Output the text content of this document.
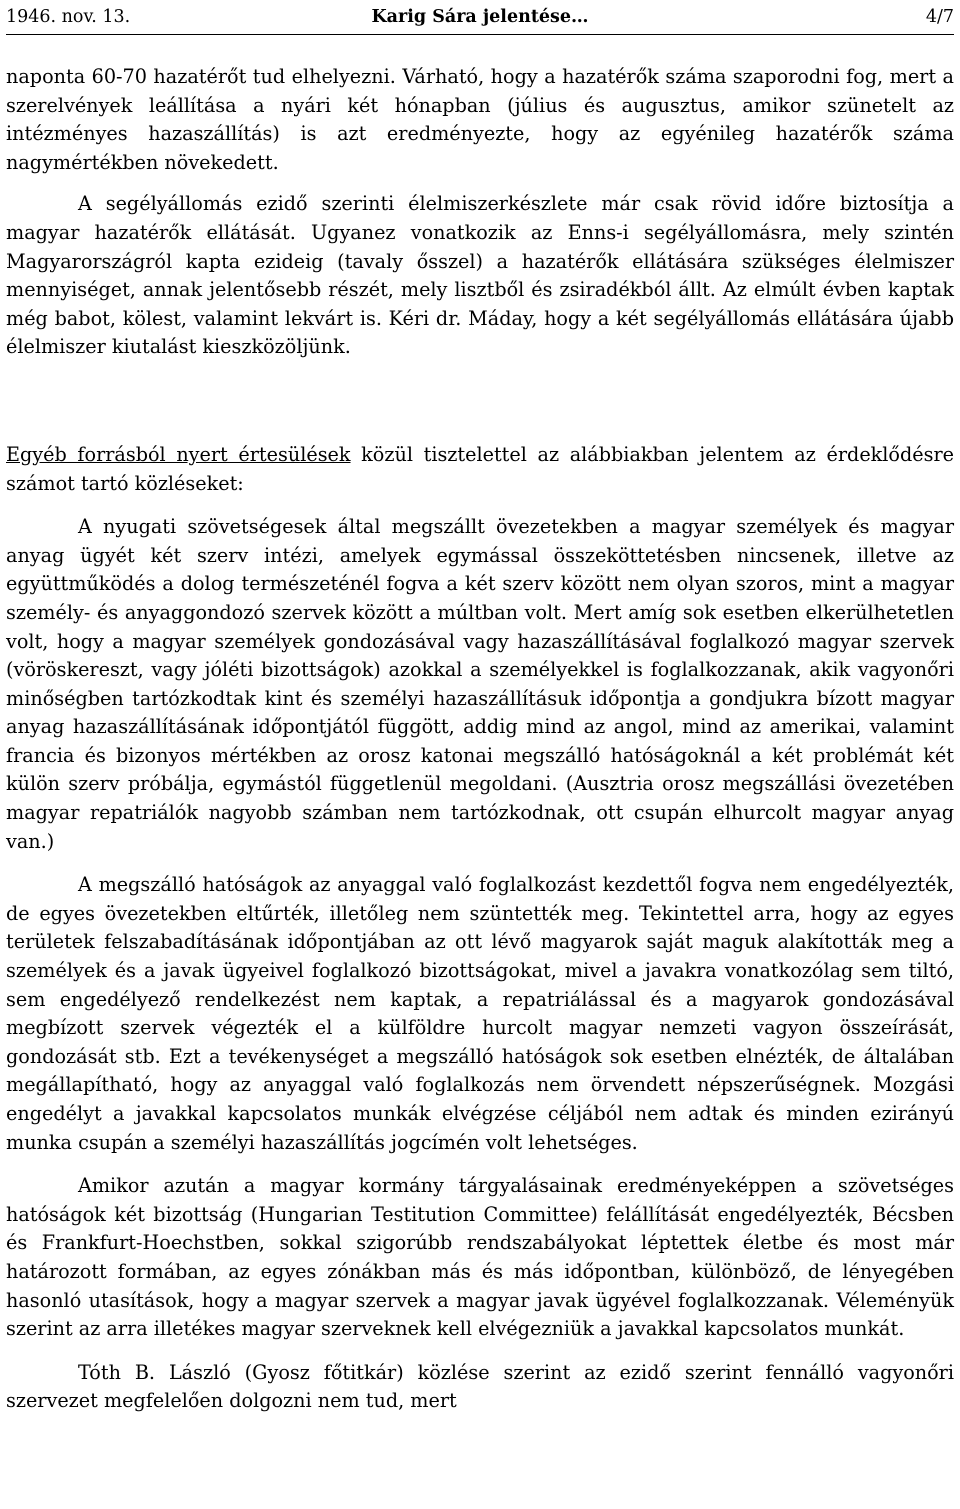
1946. nov. 13.	Karig Sára jelentése…	4/7

naponta 60-70 hazatérőt tud elhelyezni. Várható, hogy a hazatérők száma szaporodni fog, mert a szerelvények leállítása a nyári két hónapban (július és augusztus, amikor szünetelt az intézményes hazaszállítás) is azt eredményezte, hogy az egyénileg hazatérők száma nagymértékben növekedett.

A segélyállomás ezidő szerinti élelmiszerkészlete már csak rövid időre biztosítja a magyar hazatérők ellátását. Ugyanez vonatkozik az Enns-i segélyállomásra, mely szintén Magyarországról kapta ezideig (tavaly ősszel) a hazatérők ellátására szükséges élelmiszer mennyiséget, annak jelentősebb részét, mely lisztből és zsiradékból állt. Az elmúlt évben kaptak még babot, kölest, valamint lekvárt is. Kéri dr. Máday, hogy a két segélyállomás ellátására újabb élelmiszer kiutalást kieszközöljünk.

Egyéb forrásból nyert értesülések közül tisztelettel az alábbiakban jelentem az érdeklődésre számot tartó közléseket:

A nyugati szövetségesek által megszállt övezetekben a magyar személyek és magyar anyag ügyét két szerv intézi, amelyek egymással összeköttetésben nincsenek, illetve az együttműködés a dolog természeténél fogva a két szerv között nem olyan szoros, mint a magyar személy- és anyaggondozó szervek között a múltban volt. Mert amíg sok esetben elkerülhetetlen volt, hogy a magyar személyek gondozásával vagy hazaszállításával foglalkozó magyar szervek (vöröskereszt, vagy jóléti bizottságok) azokkal a személyekkel is foglalkozzanak, akik vagyonőri minőségben tartózkodtak kint és személyi hazaszállításuk időpontja a gondjukra bízott magyar anyag hazaszállításának időpontjától függött, addig mind az angol, mind az amerikai, valamint francia és bizonyos mértékben az orosz katonai megszálló hatóságoknál a két problémát két külön szerv próbálja, egymástól függetlenül megoldani. (Ausztria orosz megszállási övezetében magyar repatriálók nagyobb számban nem tartózkodnak, ott csupán elhurcolt magyar anyag van.)

A megszálló hatóságok az anyaggal való foglalkozást kezdettől fogva nem engedélyezték, de egyes övezetekben eltűrték, illetőleg nem szüntették meg. Tekintettel arra, hogy az egyes területek felszabadításának időpontjában az ott lévő magyarok saját maguk alakították meg a személyek és a javak ügyeivel foglalkozó bizottságokat, mivel a javakra vonatkozólag sem tiltó, sem engedélyező rendelkezést nem kaptak, a repatriálással és a magyarok gondozásával megbízott szervek végezték el a külföldre hurcolt magyar nemzeti vagyon összeírását, gondozását stb. Ezt a tevékenységet a megszálló hatóságok sok esetben elnézték, de általában megállapítható, hogy az anyaggal való foglalkozás nem örvendett népszerűségnek. Mozgási engedélyt a javakkal kapcsolatos munkák elvégzése céljából nem adtak és minden ezirányú munka csupán a személyi hazaszállítás jogcímén volt lehetséges.

Amikor azután a magyar kormány tárgyalásainak eredményeképpen a szövetséges hatóságok két bizottság (Hungarian Testitution Committee) felállítását engedélyezték, Bécsben és Frankfurt-Hoechstben, sokkal szigorúbb rendszabályokat léptettek életbe és most már határozott formában, az egyes zónákban más és más időpontban, különböző, de lényegében hasonló utasítások, hogy a magyar szervek a magyar javak ügyével foglalkozzanak. Véleményük szerint az arra illetékes magyar szerveknek kell elvégezniük a javakkal kapcsolatos munkát.

Tóth B. László (Gyosz főtitkár) közlése szerint az ezidő szerint fennálló vagyonőri szervezet megfelelően dolgozni nem tud, mert
